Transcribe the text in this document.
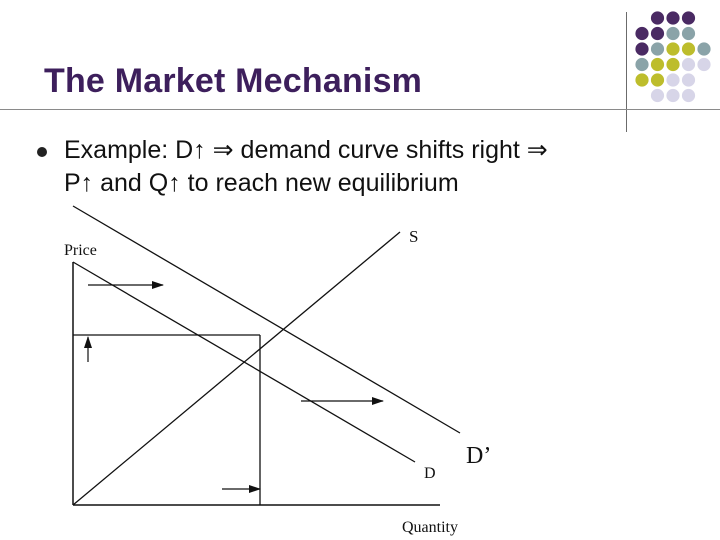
The Market Mechanism

Example: D↑ ⇒ demand curve shifts right ⇒
P↑ and Q↑ to reach new equilibrium

Price
Quantity
S
D
D’
